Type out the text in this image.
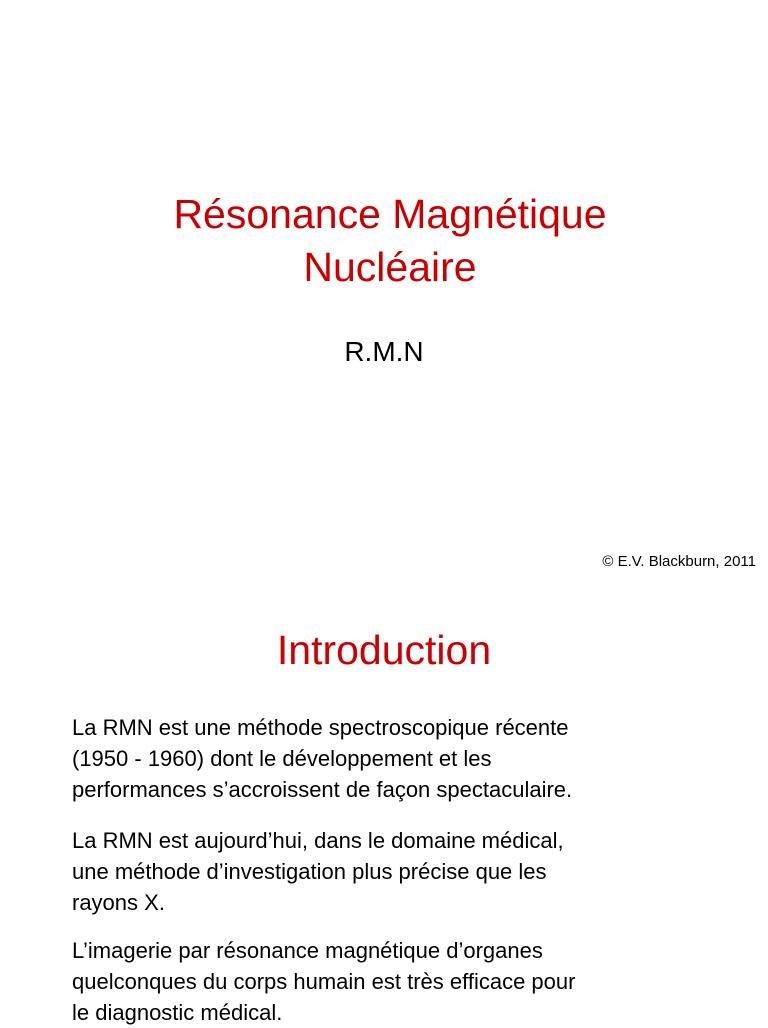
Résonance Magnétique
Nucléaire
R.M.N
© E.V. Blackburn, 2011
Introduction
La RMN est une méthode spectroscopique récente
(1950 - 1960) dont le développement et les
performances s’accroissent de façon spectaculaire.
La RMN est aujourd’hui, dans le domaine médical,
une méthode d’investigation plus précise que les
rayons X.
L’imagerie par résonance magnétique d’organes
quelconques du corps humain est très efficace pour
le diagnostic médical.
